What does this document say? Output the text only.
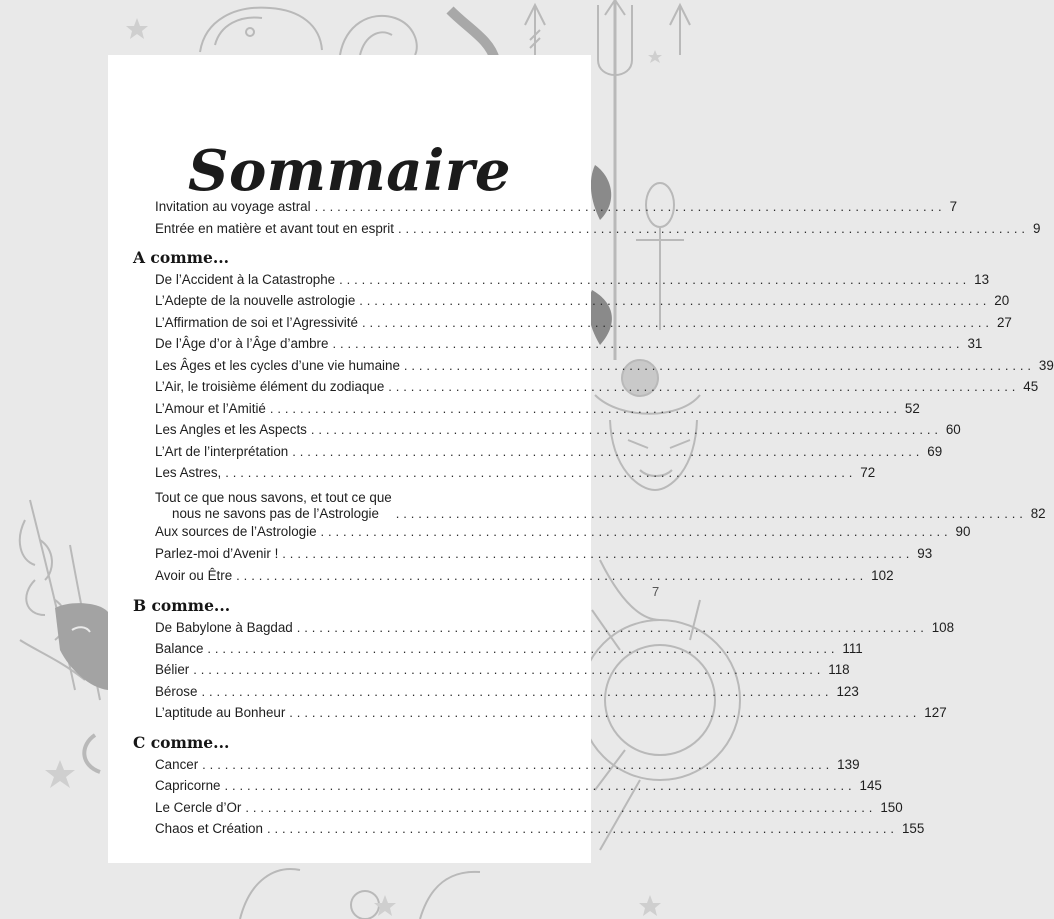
7
Sommaire
Invitation au voyage astral .................................................................................... 7
Entrée en matière et avant tout en esprit .................................................................................... 9
A comme...
De l’Accident à la Catastrophe .................................................................................... 13
L’Adepte de la nouvelle astrologie .................................................................................... 20
L’Affirmation de soi et l’Agressivité .................................................................................... 27
De l’Âge d’or à l’Âge d’ambre .................................................................................... 31
Les Âges et les cycles d’une vie humaine .................................................................................... 39
L’Air, le troisième élément du zodiaque .................................................................................... 45
L’Amour et l’Amitié .................................................................................... 52
Les Angles et les Aspects .................................................................................... 60
L’Art de l’interprétation .................................................................................... 69
Les Astres, .................................................................................... 72
Tout ce que nous savons, et tout ce que
nous ne savons pas de l’Astrologie	.................................................................................... 82
Aux sources de l’Astrologie .................................................................................... 90
Parlez-moi d’Avenir ! .................................................................................... 93
Avoir ou Être .................................................................................... 102
B comme...
De Babylone à Bagdad .................................................................................... 108
Balance .................................................................................... 111
Bélier .................................................................................... 118
Bérose .................................................................................... 123
L’aptitude au Bonheur .................................................................................... 127
C comme...
Cancer .................................................................................... 139
Capricorne .................................................................................... 145
Le Cercle d’Or .................................................................................... 150
Chaos et Création .................................................................................... 155
